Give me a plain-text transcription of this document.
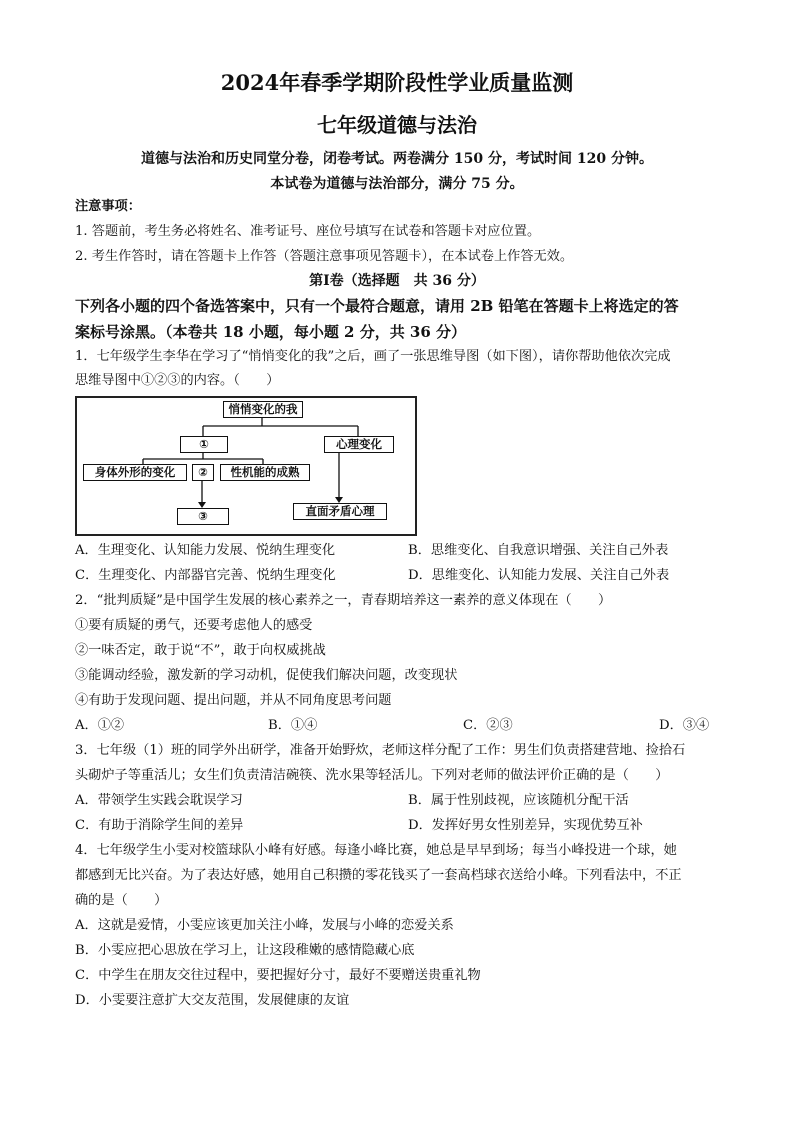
2024年春季学期阶段性学业质量监测
七年级道德与法治
道德与法治和历史同堂分卷，闭卷考试。两卷满分 150 分，考试时间 120 分钟。
本试卷为道德与法治部分，满分 75 分。
注意事项：
1. 答题前，考生务必将姓名、准考证号、座位号填写在试卷和答题卡对应位置。
2. 考生作答时，请在答题卡上作答（答题注意事项见答题卡），在本试卷上作答无效。
第Ⅰ卷（选择题　共 36 分）
下列各小题的四个备选答案中，只有一个最符合题意，请用 2B 铅笔在答题卡上将选定的答
案标号涂黑。（本卷共 18 小题，每小题 2 分，共 36 分）
1．七年级学生李华在学习了“悄悄变化的我”之后，画了一张思维导图（如下图），请你帮助他依次完成
思维导图中①②③的内容。（　　）
悄悄变化的我
①	心理变化
身体外形的变化	②	性机能的成熟
③	直面矛盾心理
A．生理变化、认知能力发展、悦纳生理变化	B．思维变化、自我意识增强、关注自己外表
C．生理变化、内部器官完善、悦纳生理变化	D．思维变化、认知能力发展、关注自己外表
2．“批判质疑”是中国学生发展的核心素养之一，青春期培养这一素养的意义体现在（　　）
①要有质疑的勇气，还要考虑他人的感受
②一味否定，敢于说“不”，敢于向权威挑战
③能调动经验，激发新的学习动机，促使我们解决问题，改变现状
④有助于发现问题、提出问题，并从不同角度思考问题
A．①②	B．①④	C．②③	D．③④
3．七年级（1）班的同学外出研学，准备开始野炊，老师这样分配了工作：男生们负责搭建营地、捡拾石
头砌炉子等重活儿；女生们负责清洁碗筷、洗水果等轻活儿。下列对老师的做法评价正确的是（　　）
A．带领学生实践会耽误学习	B．属于性别歧视，应该随机分配干活
C．有助于消除学生间的差异	D．发挥好男女性别差异，实现优势互补
4．七年级学生小雯对校篮球队小峰有好感。每逢小峰比赛，她总是早早到场；每当小峰投进一个球，她
都感到无比兴奋。为了表达好感，她用自己积攒的零花钱买了一套高档球衣送给小峰。下列看法中，不正
确的是（　　）
A．这就是爱情，小雯应该更加关注小峰，发展与小峰的恋爱关系
B．小雯应把心思放在学习上，让这段稚嫩的感情隐藏心底
C．中学生在朋友交往过程中，要把握好分寸，最好不要赠送贵重礼物
D．小雯要注意扩大交友范围，发展健康的友谊
